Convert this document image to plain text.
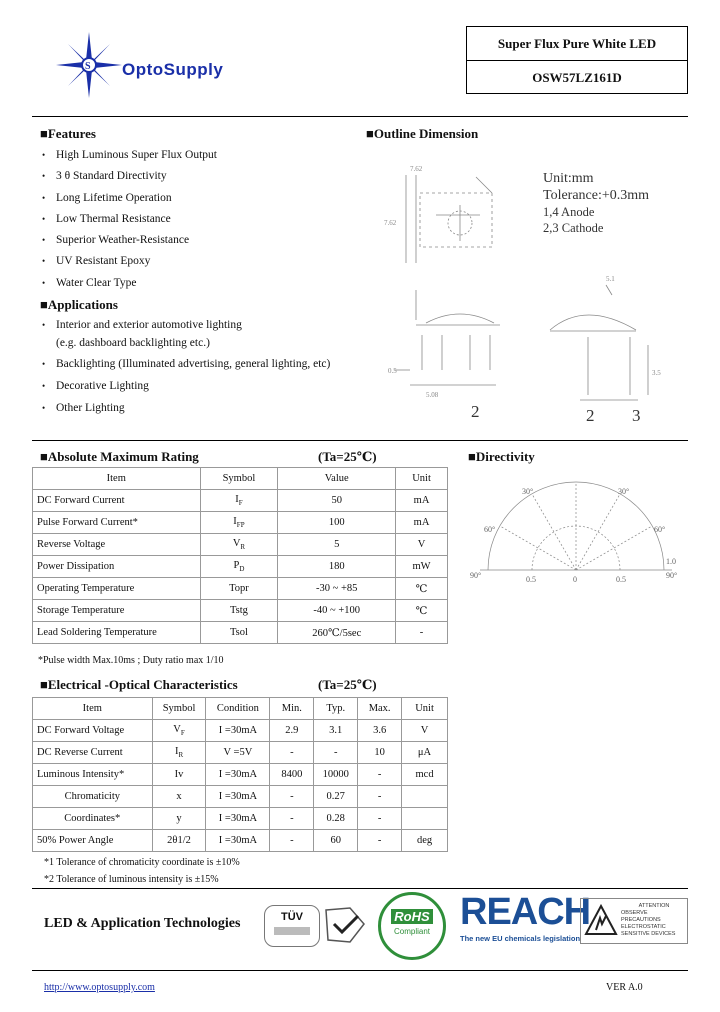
S OptoSupply
Super Flux Pure White LED
OSW57LZ161D
■Features
• High Luminous Super Flux Output
• 3 θ Standard Directivity
• Long Lifetime Operation
• Low Thermal Resistance
• Superior Weather-Resistance
• UV Resistant Epoxy
• Water Clear Type
■Applications
• Interior and exterior automotive lighting
(e.g. dashboard backlighting etc.)
• Backlighting (Illuminated advertising, general lighting, etc)
• Decorative Lighting
• Other Lighting
■Outline Dimension
7.62
7.62
0.5
5.08
5.1
3.5
Unit:mm
Tolerance:+0.3mm
1,4 Anode
2,3 Cathode
2	2 3
■Absolute Maximum Rating	(Ta=25℃)
Item	Symbol	Value	Unit
DC Forward Current	$I_F$	50	mA
Pulse Forward Current*	$I_{FP}$	100	mA
Reverse Voltage	$V_R$	5	V
Power Dissipation	$P_D$	180	mW
Operating Temperature	Topr	-30 ~ +85	℃
Storage Temperature	Tstg	-40 ~ +100	℃
Lead Soldering Temperature	Tsol	260℃/5sec	-
*Pulse width Max.10ms ; Duty ratio max 1/10
■Directivity
30°	30°
60°	60°
90°	90°
0.5	0	0.5
1.0
■Electrical -Optical Characteristics	(Ta=25℃)
Item	Symbol	Condition	Min.	Typ.	Max.	Unit
DC Forward Voltage	$V_F$	I =30mA	2.9	3.1	3.6	V
DC Reverse Current	$I_R$	V =5V	-	-	10	μA
Luminous Intensity*	Iv	I =30mA	8400	10000	-	mcd
Chromaticity	x	I =30mA	-	0.27	-	
Coordinates*	y	I =30mA	-	0.28	-	
50% Power Angle	2θ1/2	I =30mA	-	60	-	deg
*1 Tolerance of chromaticity coordinate is ±10%
*2 Tolerance of luminous intensity is ±15%
LED & Application Technologies	TÜV	RoHS
Compliant REACH
The new EU chemicals legislation
ATTENTION
OBSERVE PRECAUTIONS
ELECTROSTATIC
SENSITIVE DEVICES
http://www.optosupply.com	VER A.0
